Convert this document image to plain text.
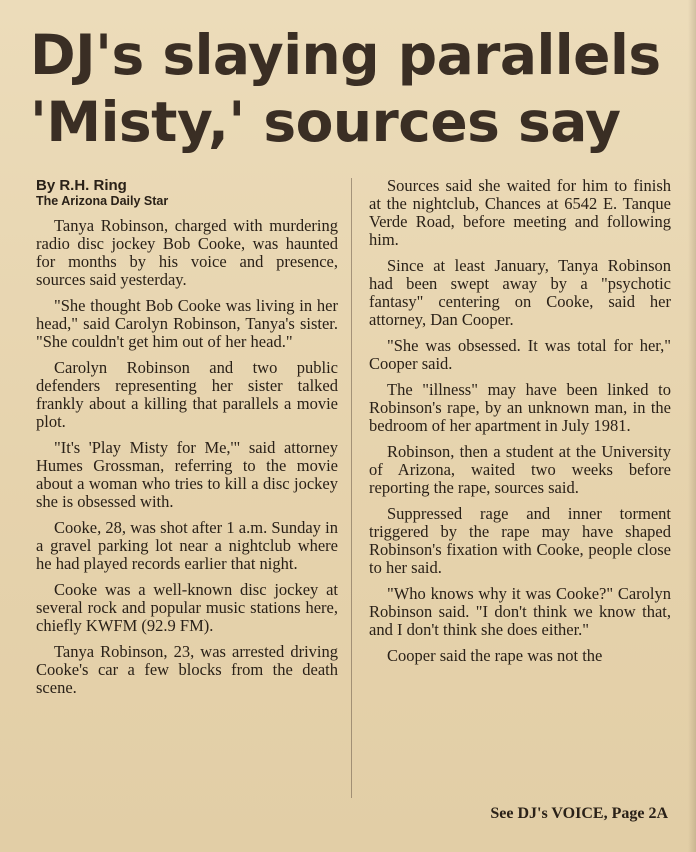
DJ's slaying parallels
'Misty,' sources say
By R.H. Ring
The Arizona Daily Star

Tanya Robinson, charged with murdering radio disc jockey Bob Cooke, was haunted for months by his voice and presence, sources said yesterday.

"She thought Bob Cooke was living in her head," said Carolyn Robinson, Tanya's sister. "She couldn't get him out of her head."

Carolyn Robinson and two public defenders representing her sister talked frankly about a killing that parallels a movie plot.

"It's 'Play Misty for Me,'" said attorney Humes Grossman, referring to the movie about a woman who tries to kill a disc jockey she is obsessed with.

Cooke, 28, was shot after 1 a.m. Sunday in a gravel parking lot near a nightclub where he had played records earlier that night.

Cooke was a well-known disc jockey at several rock and popular music stations here, chiefly KWFM (92.9 FM).

Tanya Robinson, 23, was arrested driving Cooke's car a few blocks from the death scene.

Sources said she waited for him to finish at the nightclub, Chances at 6542 E. Tanque Verde Road, before meeting and following him.

Since at least January, Tanya Robinson had been swept away by a "psychotic fantasy" centering on Cooke, said her attorney, Dan Cooper.

"She was obsessed. It was total for her," Cooper said.

The "illness" may have been linked to Robinson's rape, by an unknown man, in the bedroom of her apartment in July 1981.

Robinson, then a student at the University of Arizona, waited two weeks before reporting the rape, sources said.

Suppressed rage and inner torment triggered by the rape may have shaped Robinson's fixation with Cooke, people close to her said.

"Who knows why it was Cooke?" Carolyn Robinson said. "I don't think we know that, and I don't think she does either."

Cooper said the rape was not the

See DJ's VOICE, Page 2A
